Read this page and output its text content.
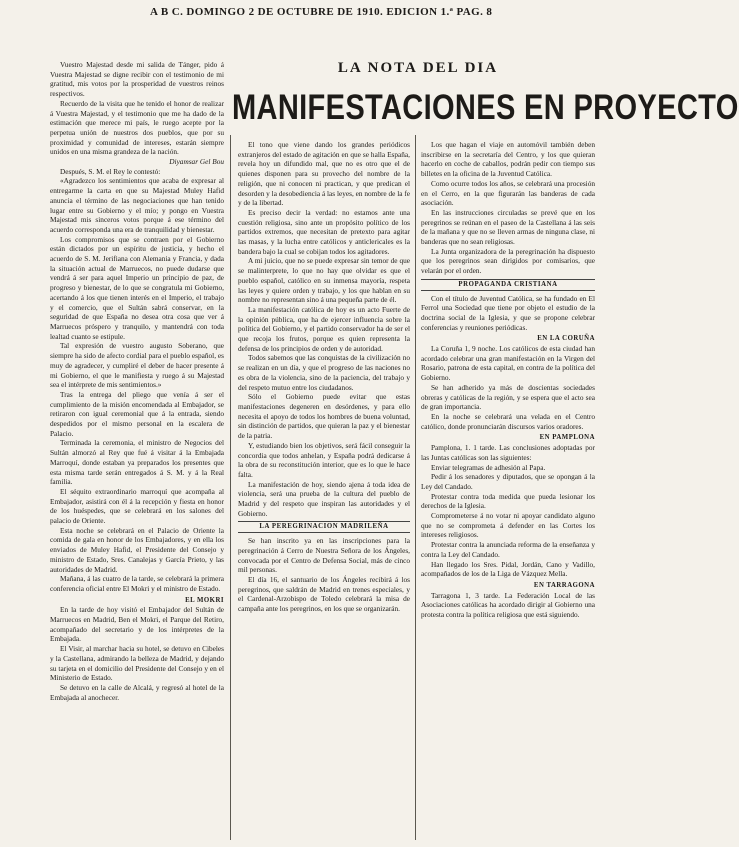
A B C. DOMINGO 2 DE OCTUBRE DE 1910. EDICION 1.ª PAG. 8

Vuestro Majestad desde mi salida de Tánger, pido á Vuestra Majestad se digne recibir con el testimonio de mi gratitud, mis votos por la prosperidad de vuestros reinos respectivos.

Recuerdo de la visita que he tenido el honor de realizar á Vuestra Majestad, y el testimonio que me ha dado de la estimación que merece mi país, le ruego acepte por la perpetua unión de nuestros dos pueblos, que por su proximidad y comunidad de intereses, estarán siempre unidos en una misma grandeza de la nación.

Diyamsar Gel Bou

Después, S. M. el Rey le contestó:

«Agradezco los sentimientos que acaba de expresar al entregarme la carta en que su Majestad Muley Hafid anuncia el término de las negociaciones que han tenido lugar entre su Gobierno y el mío; y pongo en Vuestra Majestad mis sinceros votos porque á ese término del acuerdo corresponda una era de tranquilidad y bienestar.

Los compromisos que se contraen por el Gobierno están dictados por un espíritu de justicia, y hecho el acuerdo de S. M. Jerifiana con Alemania y Francia, y dada la situación actual de Marruecos, no puede dudarse que vendrá á ser para aquel Imperio un principio de paz, de progreso y bienestar, de lo que se congratula mi Gobierno, acertando á los que tienen interés en el Imperio, el trabajo y el comercio, que el Sultán sabrá conservar, en la seguridad de que España no desea otra cosa que ver á Marruecos próspero y tranquilo, y mantendrá con toda lealtad cuanto se estipule.

Tal expresión de vuestro augusto Soberano, que siempre ha sido de afecto cordial para el pueblo español, es muy de agradecer, y cumpliré el deber de hacer presente á mi Gobierno, el que le manifiesta y ruego á su Majestad sea el intérprete de mis sentimientos.»

Tras la entrega del pliego que venía á ser el cumplimiento de la misión encomendada al Embajador, se retiraron con igual ceremonial que á la entrada, siendo despedidos por el mismo personal en la escalera de Palacio.

Terminada la ceremonia, el ministro de Negocios del Sultán almorzó al Rey que fué á visitar á la Embajada Marroquí, donde estaban ya preparados los presentes que esta misma tarde serán entregados á S. M. y á la Real familia.

El séquito extraordinario marroquí que acompaña al Embajador, asistirá con él á la recepción y fiesta en honor de los huéspedes, que se celebrará en los salones del palacio de Oriente.

Esta noche se celebrará en el Palacio de Oriente la comida de gala en honor de los Embajadores, y en ella los enviados de Muley Hafid, el Presidente del Consejo y ministro de Estado, Sres. Canalejas y García Prieto, y las autoridades de Madrid.

Mañana, á las cuatro de la tarde, se celebrará la primera conferencia oficial entre El Mokri y el ministro de Estado.

EL MOKRI

En la tarde de hoy visitó el Embajador del Sultán de Marruecos en Madrid, Ben el Mokri, el Parque del Retiro, acompañado del secretario y de los intérpretes de la Embajada.

El Visir, al marchar hacia su hotel, se detuvo en Cibeles y la Castellana, admirando la belleza de Madrid, y dejando su tarjeta en el domicilio del Presidente del Consejo y en el Ministerio de Estado.

Se detuvo en la calle de Alcalá, y regresó al hotel de la Embajada al anochecer.

LA NOTA DEL DIA
MANIFESTACIONES EN PROYECTO

El tono que viene dando los grandes periódicos extranjeros del estado de agitación en que se halla España, revela hoy un difundido mal, que no es otro que el de quienes disponen para su provecho del nombre de la religión, que ni conocen ni practican, y que predican el desorden y la desobediencia á las leyes, en nombre de la fe y de la libertad.

Es preciso decir la verdad: no estamos ante una cuestión religiosa, sino ante un propósito político de los partidos extremos, que necesitan de pretexto para agitar las masas, y la lucha entre católicos y anticlericales es la bandera bajo la cual se cobijan todos los agitadores.

A mi juicio, que no se puede expresar sin temor de que se malinterprete, lo que no hay que olvidar es que el pueblo español, católico en su inmensa mayoría, respeta las leyes y quiere orden y trabajo, y los que hablan en su nombre no representan sino á una pequeña parte de él.

La manifestación católica de hoy es un acto Fuerte de la opinión pública, que ha de ejercer influencia sobre la política del Gobierno, y el partido conservador ha de ser el que recoja los frutos, porque es quien representa la defensa de los principios de orden y de autoridad.

Todos sabemos que las conquistas de la civilización no se realizan en un día, y que el progreso de las naciones no es obra de la violencia, sino de la paciencia, del trabajo y del respeto mutuo entre los ciudadanos.

Sólo el Gobierno puede evitar que estas manifestaciones degeneren en desórdenes, y para ello necesita el apoyo de todos los hombres de buena voluntad, sin distinción de partidos, que quieran la paz y el bienestar de la patria.

Y, estudiando bien los objetivos, será fácil conseguir la concordia que todos anhelan, y España podrá dedicarse á la obra de su reconstitución interior, que es lo que le hace falta.

La manifestación de hoy, siendo ajena á toda idea de violencia, será una prueba de la cultura del pueblo de Madrid y del respeto que inspiran las autoridades y el Gobierno.

LA PEREGRINACION MADRILEÑA

Se han inscrito ya en las inscripciones para la peregrinación á Cerro de Nuestra Señora de los Ángeles, convocada por el Centro de Defensa Social, más de cinco mil personas.

El día 16, el santuario de los Ángeles recibirá á los peregrinos, que saldrán de Madrid en trenes especiales, y el Cardenal-Arzobispo de Toledo celebrará la misa de campaña ante los peregrinos, en los que se organizarán.

Los que hagan el viaje en automóvil también deben inscribirse en la secretaría del Centro, y los que quieran hacerlo en coche de caballos, podrán pedir con tiempo sus billetes en la oficina de la Juventud Católica.

Como ocurre todos los años, se celebrará una procesión en el Cerro, en la que figurarán las banderas de cada asociación.

En las instrucciones circuladas se prevé que en los peregrinos se reúnan en el paseo de la Castellana á las seis de la mañana y que no se lleven armas de ninguna clase, ni banderas que no sean religiosas.

La Junta organizadora de la peregrinación ha dispuesto que los peregrinos sean dirigidos por comisarios, que velarán por el orden.

PROPAGANDA CRISTIANA

Con el título de Juventud Católica, se ha fundado en El Ferrol una Sociedad que tiene por objeto el estudio de la doctrina social de la Iglesia, y que se propone celebrar conferencias y reuniones periódicas.

EN LA CORUÑA

La Coruña 1, 9 noche. Los católicos de esta ciudad han acordado celebrar una gran manifestación en la Virgen del Rosario, patrona de esta capital, en contra de la política del Gobierno.

Se han adherido ya más de doscientas sociedades obreras y católicas de la región, y se espera que el acto sea de gran importancia.

En la noche se celebrará una velada en el Centro católico, donde pronunciarán discursos varios oradores.

EN PAMPLONA

Pamplona, 1. 1 tarde. Las conclusiones adoptadas por las Juntas católicas son las siguientes:

Enviar telegramas de adhesión al Papa.

Pedir á los senadores y diputados, que se opongan á la Ley del Candado.

Protestar contra toda medida que pueda lesionar los derechos de la Iglesia.

Comprometerse á no votar ni apoyar candidato alguno que no se comprometa á defender en las Cortes los intereses religiosos.

Protestar contra la anunciada reforma de la enseñanza y contra la Ley del Candado.

Han llegado los Sres. Pidal, Jordán, Cano y Vadillo, acompañados de los de la Liga de Vázquez Mella.

EN TARRAGONA

Tarragona 1, 3 tarde. La Federación Local de las Asociaciones católicas ha acordado dirigir al Gobierno una protesta contra la política religiosa que está siguiendo.
